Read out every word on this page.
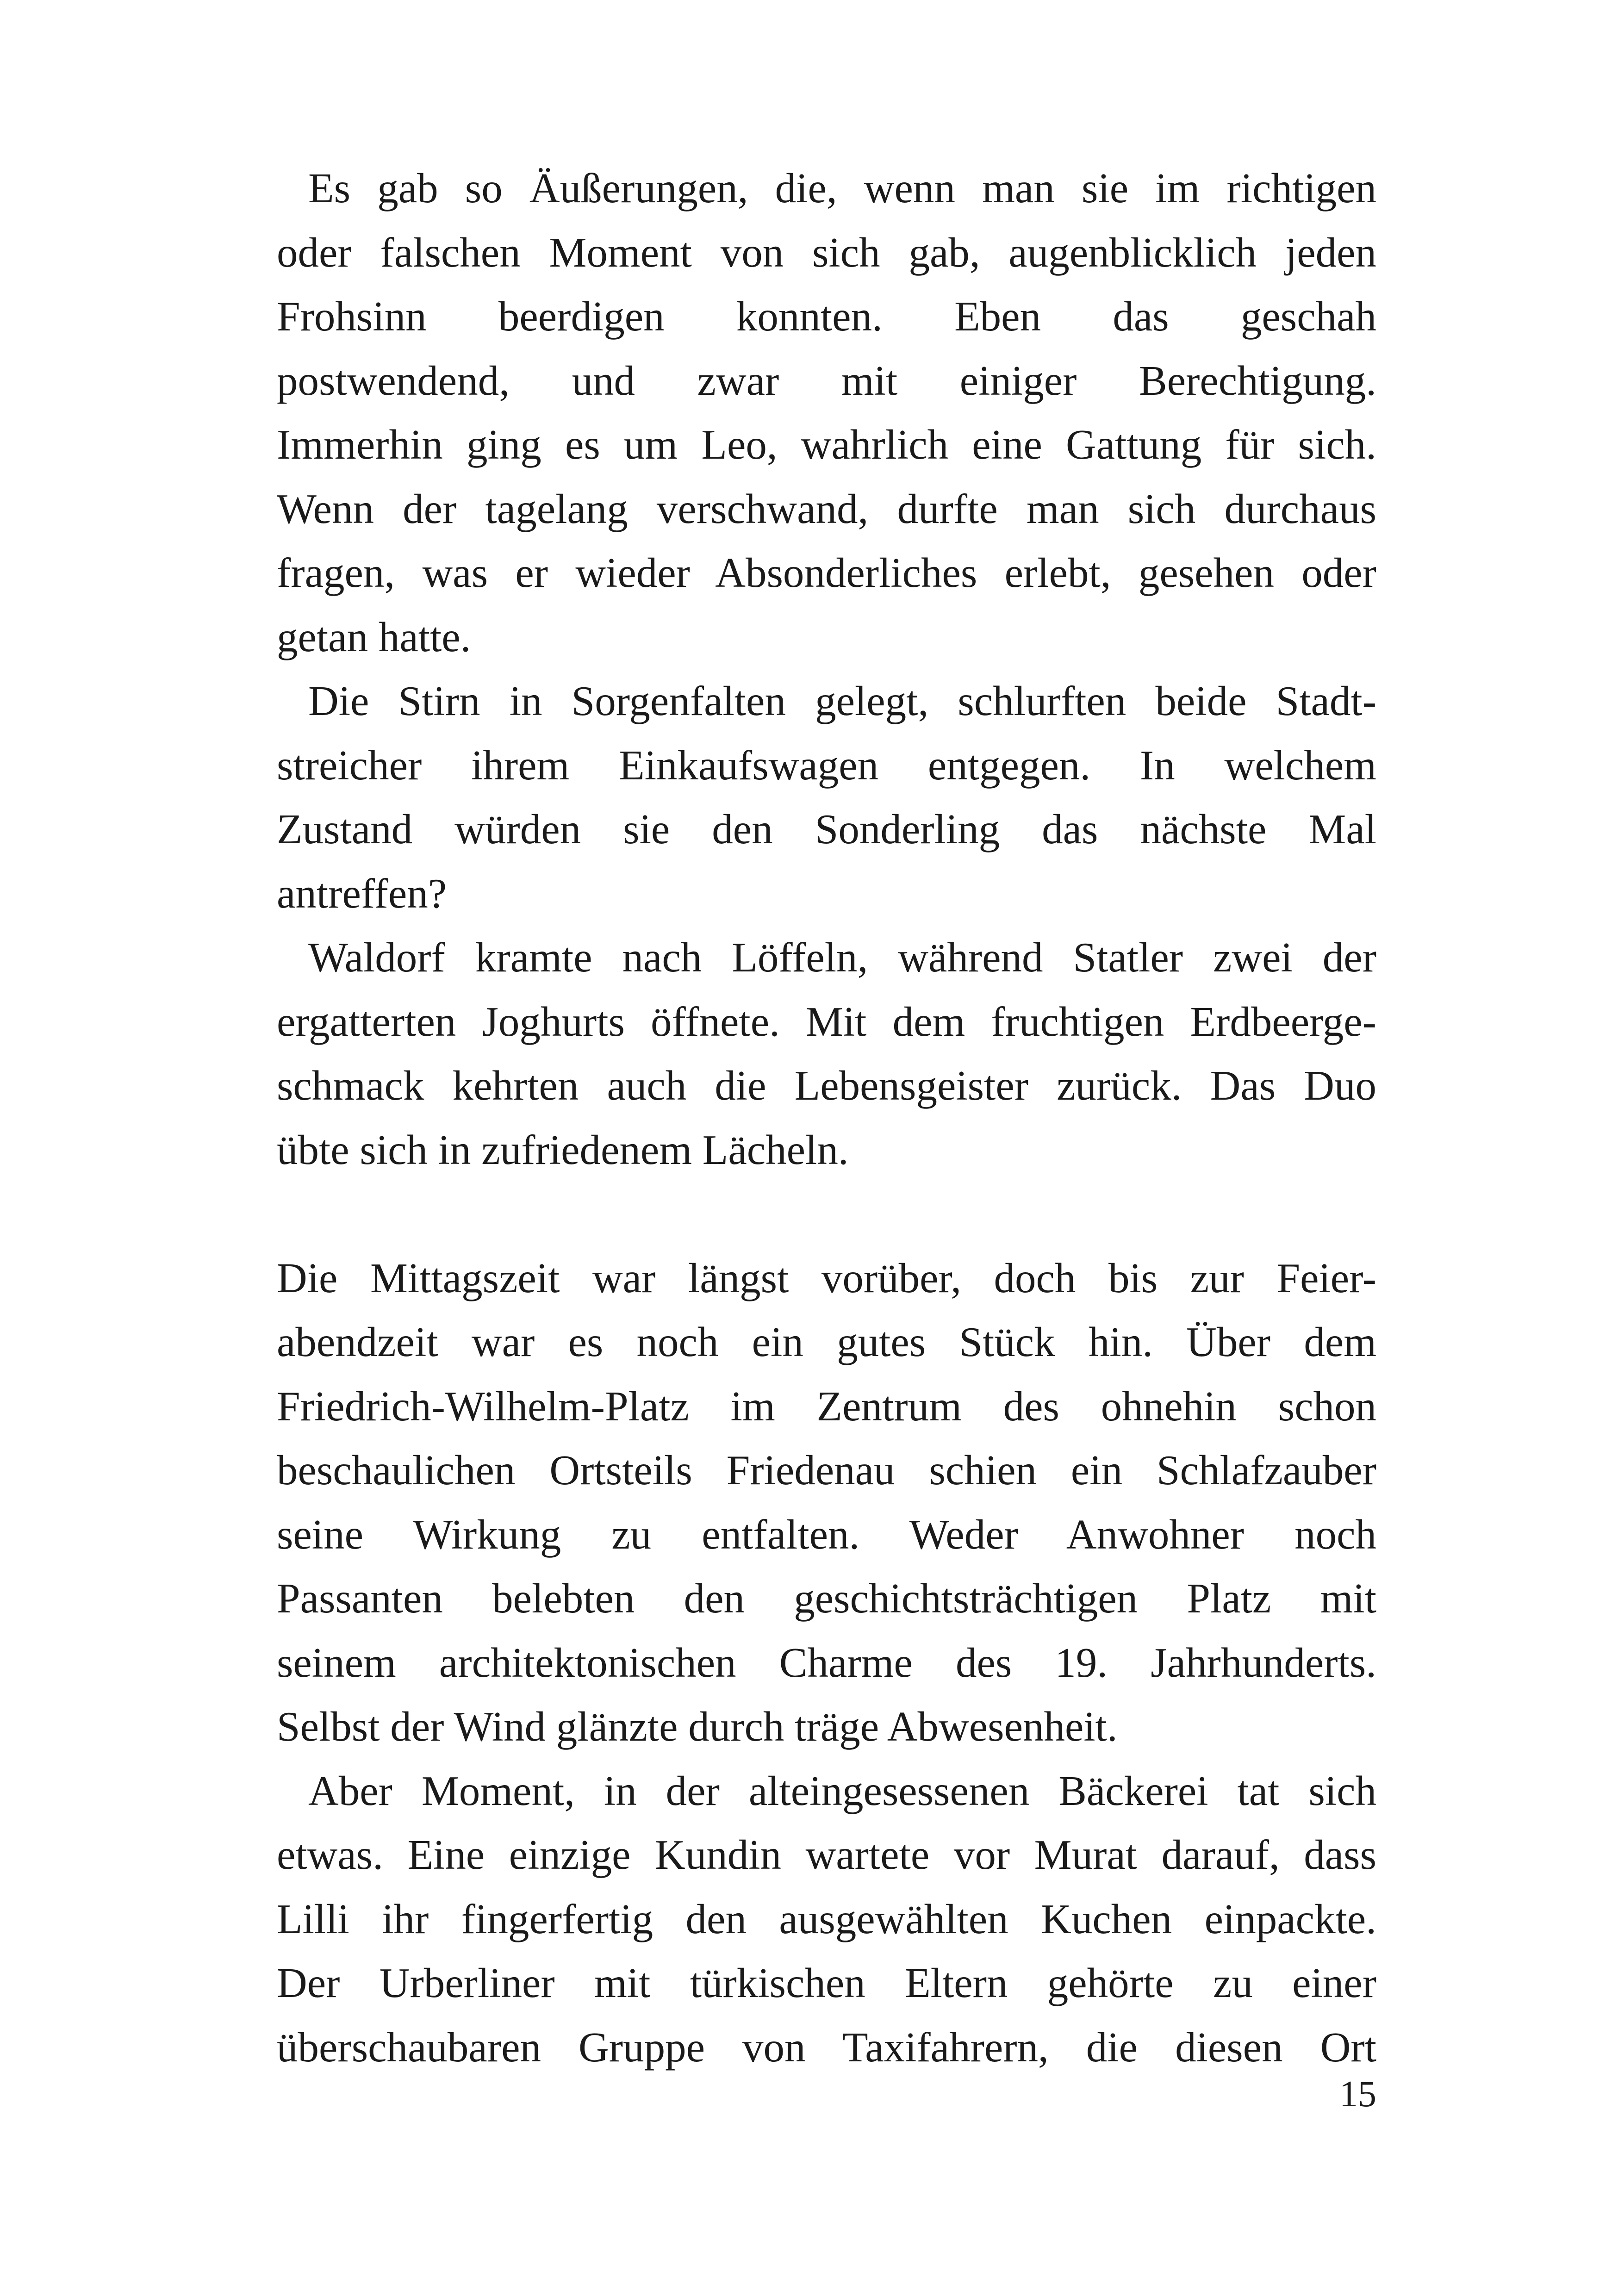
Es gab so Äußerungen, die, wenn man sie im richtigen
oder falschen Moment von sich gab, augenblicklich jeden
Frohsinn beerdigen konnten. Eben das geschah
postwendend, und zwar mit einiger Berechtigung.
Immerhin ging es um Leo, wahrlich eine Gattung für sich.
Wenn der tagelang verschwand, durfte man sich durchaus
fragen, was er wieder Absonderliches erlebt, gesehen oder
getan hatte.
Die Stirn in Sorgenfalten gelegt, schlurften beide Stadt-
streicher ihrem Einkaufswagen entgegen. In welchem
Zustand würden sie den Sonderling das nächste Mal
antreffen?
Waldorf kramte nach Löffeln, während Statler zwei der
ergatterten Joghurts öffnete. Mit dem fruchtigen Erdbeerge-
schmack kehrten auch die Lebensgeister zurück. Das Duo
übte sich in zufriedenem Lächeln.
Die Mittagszeit war längst vorüber, doch bis zur Feier-
abendzeit war es noch ein gutes Stück hin. Über dem
Friedrich-Wilhelm-Platz im Zentrum des ohnehin schon
beschaulichen Ortsteils Friedenau schien ein Schlafzauber
seine Wirkung zu entfalten. Weder Anwohner noch
Passanten belebten den geschichtsträchtigen Platz mit
seinem architektonischen Charme des 19. Jahrhunderts.
Selbst der Wind glänzte durch träge Abwesenheit.
Aber Moment, in der alteingesessenen Bäckerei tat sich
etwas. Eine einzige Kundin wartete vor Murat darauf, dass
Lilli ihr fingerfertig den ausgewählten Kuchen einpackte.
Der Urberliner mit türkischen Eltern gehörte zu einer
überschaubaren Gruppe von Taxifahrern, die diesen Ort
15
